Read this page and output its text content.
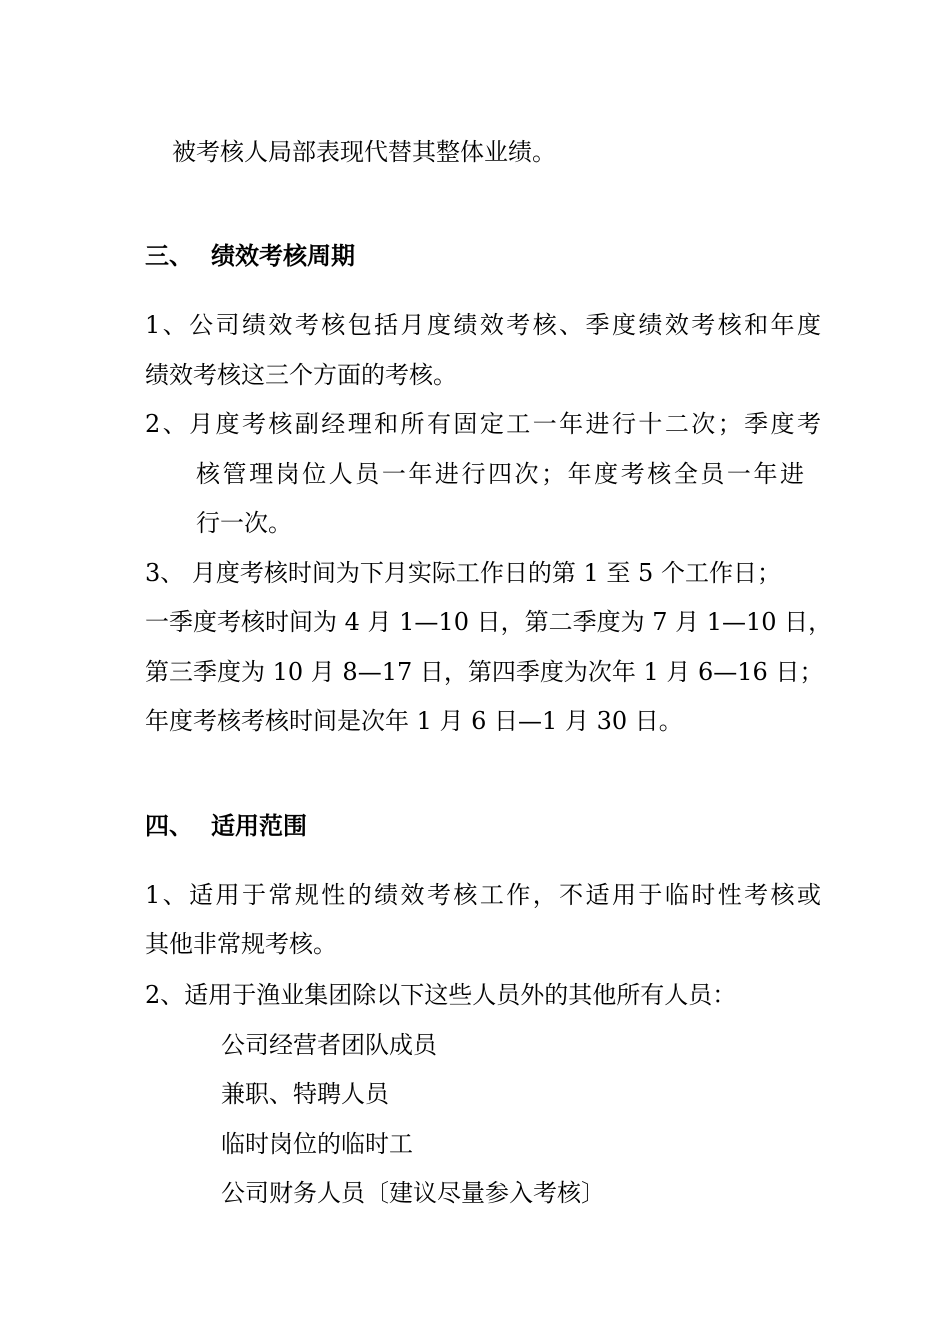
被考核人局部表现代替其整体业绩。
三、 绩效考核周期
1、公司绩效考核包括月度绩效考核、季度绩效考核和年度
绩效考核这三个方面的考核。
2、月度考核副经理和所有固定工一年进行十二次；季度考
核管理岗位人员一年进行四次；年度考核全员一年进
行一次。
3、 月度考核时间为下月实际工作日的第 1 至 5 个工作日；
一季度考核时间为 4 月 1—10 日，第二季度为 7 月 1—10 日，
第三季度为 10 月 8—17 日，第四季度为次年 1 月 6—16 日；
年度考核考核时间是次年 1 月 6 日—1 月 30 日。
四、 适用范围
1、适用于常规性的绩效考核工作，不适用于临时性考核或
其他非常规考核。
2、适用于渔业集团除以下这些人员外的其他所有人员：
公司经营者团队成员
兼职、特聘人员
临时岗位的临时工
公司财务人员〔建议尽量参入考核〕
